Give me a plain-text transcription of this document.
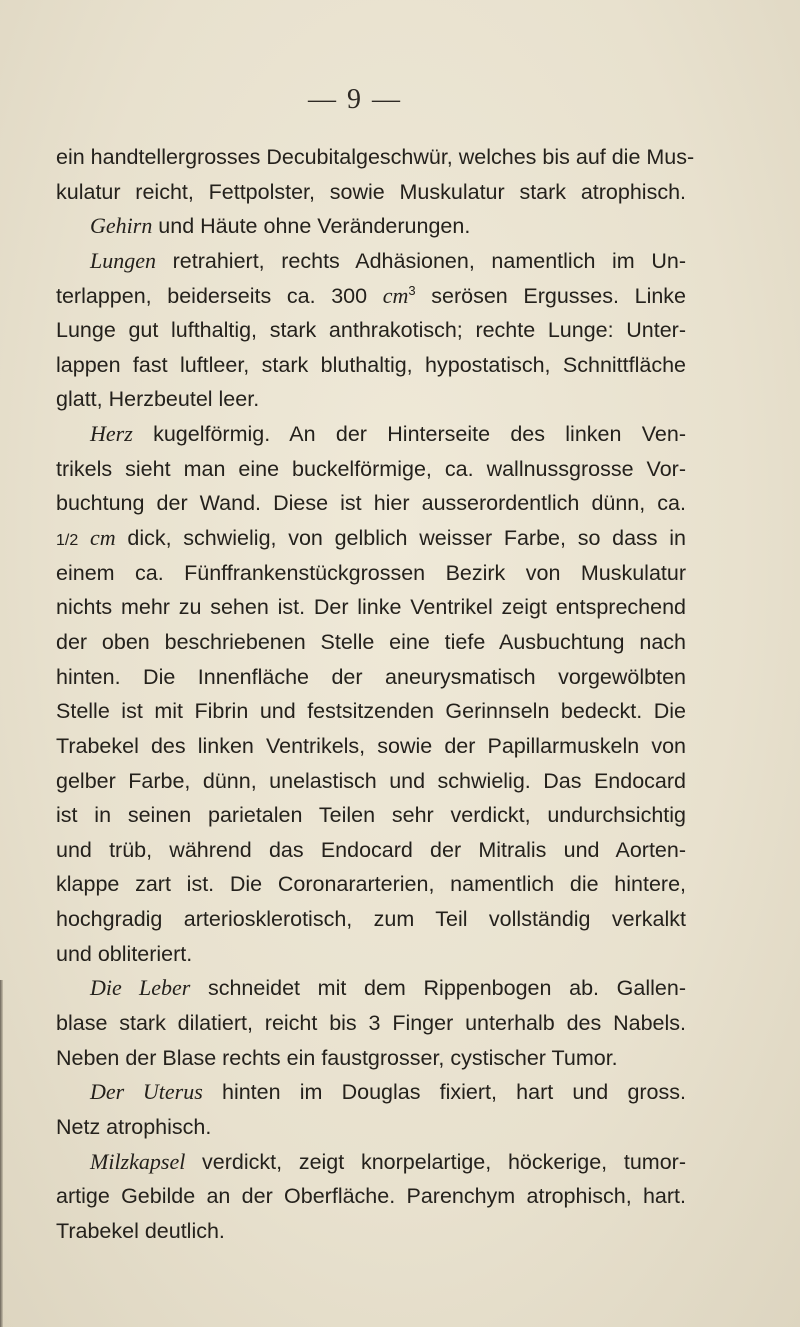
— 9 —
ein handtellergrosses Decubitalgeschwür, welches bis auf die Mus-
kulatur reicht, Fettpolster, sowie Muskulatur stark atrophisch.
Gehirn und Häute ohne Veränderungen.
Lungen retrahiert, rechts Adhäsionen, namentlich im Un-
terlappen, beiderseits ca. 300 $cm^3$ serösen Ergusses. Linke
Lunge gut lufthaltig, stark anthrakotisch; rechte Lunge: Unter-
lappen fast luftleer, stark bluthaltig, hypostatisch, Schnittfläche
glatt, Herzbeutel leer.
Herz kugelförmig. An der Hinterseite des linken Ven-
trikels sieht man eine buckelförmige, ca. wallnussgrosse Vor-
buchtung der Wand. Diese ist hier ausserordentlich dünn, ca.
1/2 cm dick, schwielig, von gelblich weisser Farbe, so dass in
einem ca. Fünffrankenstückgrossen Bezirk von Muskulatur
nichts mehr zu sehen ist. Der linke Ventrikel zeigt entsprechend
der oben beschriebenen Stelle eine tiefe Ausbuchtung nach
hinten. Die Innenfläche der aneurysmatisch vorgewölbten
Stelle ist mit Fibrin und festsitzenden Gerinnseln bedeckt. Die
Trabekel des linken Ventrikels, sowie der Papillarmuskeln von
gelber Farbe, dünn, unelastisch und schwielig. Das Endocard
ist in seinen parietalen Teilen sehr verdickt, undurchsichtig
und trüb, während das Endocard der Mitralis und Aorten-
klappe zart ist. Die Coronararterien, namentlich die hintere,
hochgradig arteriosklerotisch, zum Teil vollständig verkalkt
und obliteriert.
Die Leber schneidet mit dem Rippenbogen ab. Gallen-
blase stark dilatiert, reicht bis 3 Finger unterhalb des Nabels.
Neben der Blase rechts ein faustgrosser, cystischer Tumor.
Der Uterus hinten im Douglas fixiert, hart und gross.
Netz atrophisch.
Milzkapsel verdickt, zeigt knorpelartige, höckerige, tumor-
artige Gebilde an der Oberfläche. Parenchym atrophisch, hart.
Trabekel deutlich.
